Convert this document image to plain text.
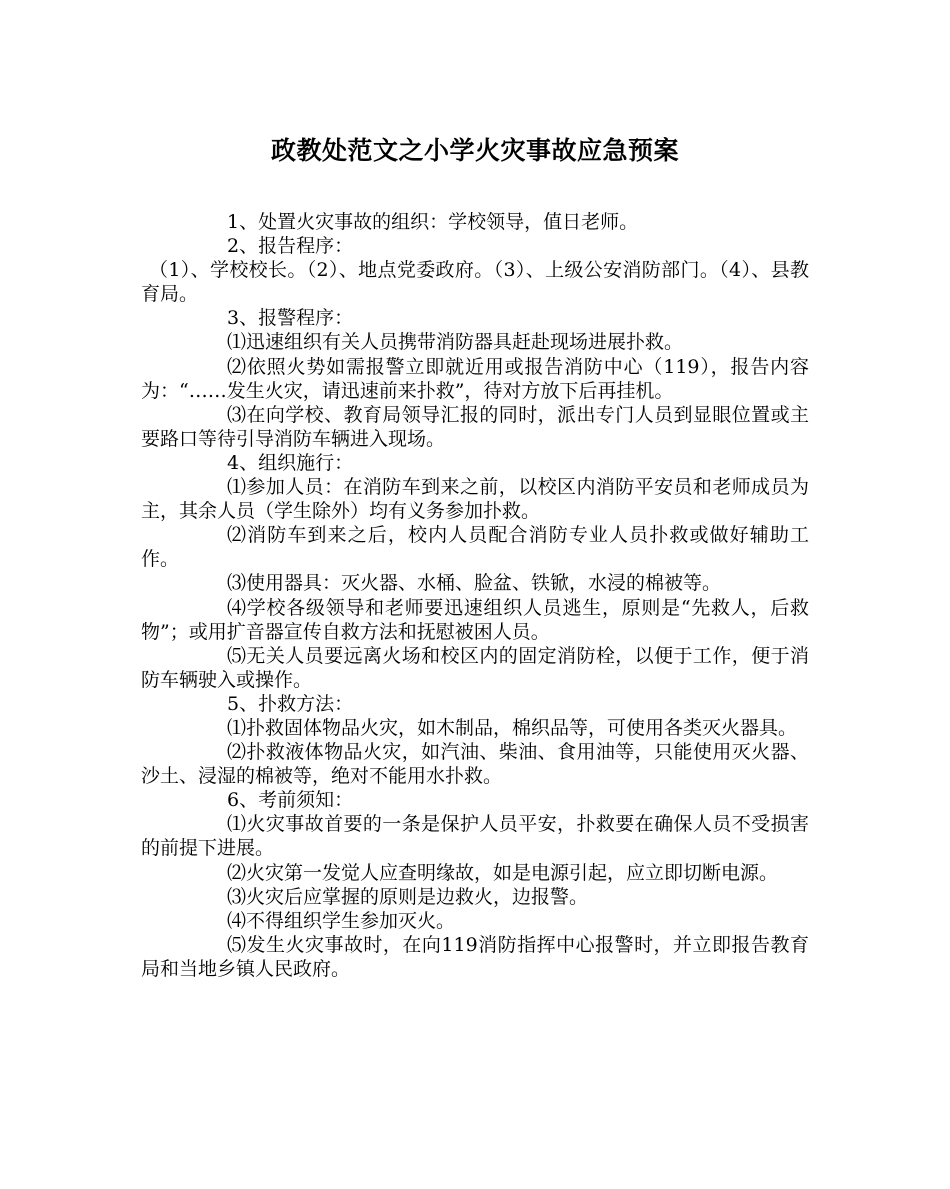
政教处范文之小学火灾事故应急预案

1、处置火灾事故的组织：学校领导，值日老师。

2、报告程序：

（1）、学校校长。（2）、地点党委政府。（3）、上级公安消防部门。（4）、县教育局。

3、报警程序：

⑴迅速组织有关人员携带消防器具赶赴现场进展扑救。

⑵依照火势如需报警立即就近用或报告消防中心（119），报告内容为：“……发生火灾，请迅速前来扑救”，待对方放下后再挂机。

⑶在向学校、教育局领导汇报的同时，派出专门人员到显眼位置或主要路口等待引导消防车辆进入现场。

4、组织施行：

⑴参加人员：在消防车到来之前，以校区内消防平安员和老师成员为主，其余人员（学生除外）均有义务参加扑救。

⑵消防车到来之后，校内人员配合消防专业人员扑救或做好辅助工作。

⑶使用器具：灭火器、水桶、脸盆、铁锨，水浸的棉被等。

⑷学校各级领导和老师要迅速组织人员逃生，原则是“先救人，后救物”；或用扩音器宣传自救方法和抚慰被困人员。

⑸无关人员要远离火场和校区内的固定消防栓，以便于工作，便于消防车辆驶入或操作。

5、扑救方法：

⑴扑救固体物品火灾，如木制品，棉织品等，可使用各类灭火器具。

⑵扑救液体物品火灾，如汽油、柴油、食用油等，只能使用灭火器、沙土、浸湿的棉被等，绝对不能用水扑救。

6、考前须知：

⑴火灾事故首要的一条是保护人员平安，扑救要在确保人员不受损害的前提下进展。

⑵火灾第一发觉人应查明缘故，如是电源引起，应立即切断电源。

⑶火灾后应掌握的原则是边救火，边报警。

⑷不得组织学生参加灭火。

⑸发生火灾事故时，在向119消防指挥中心报警时，并立即报告教育局和当地乡镇人民政府。
